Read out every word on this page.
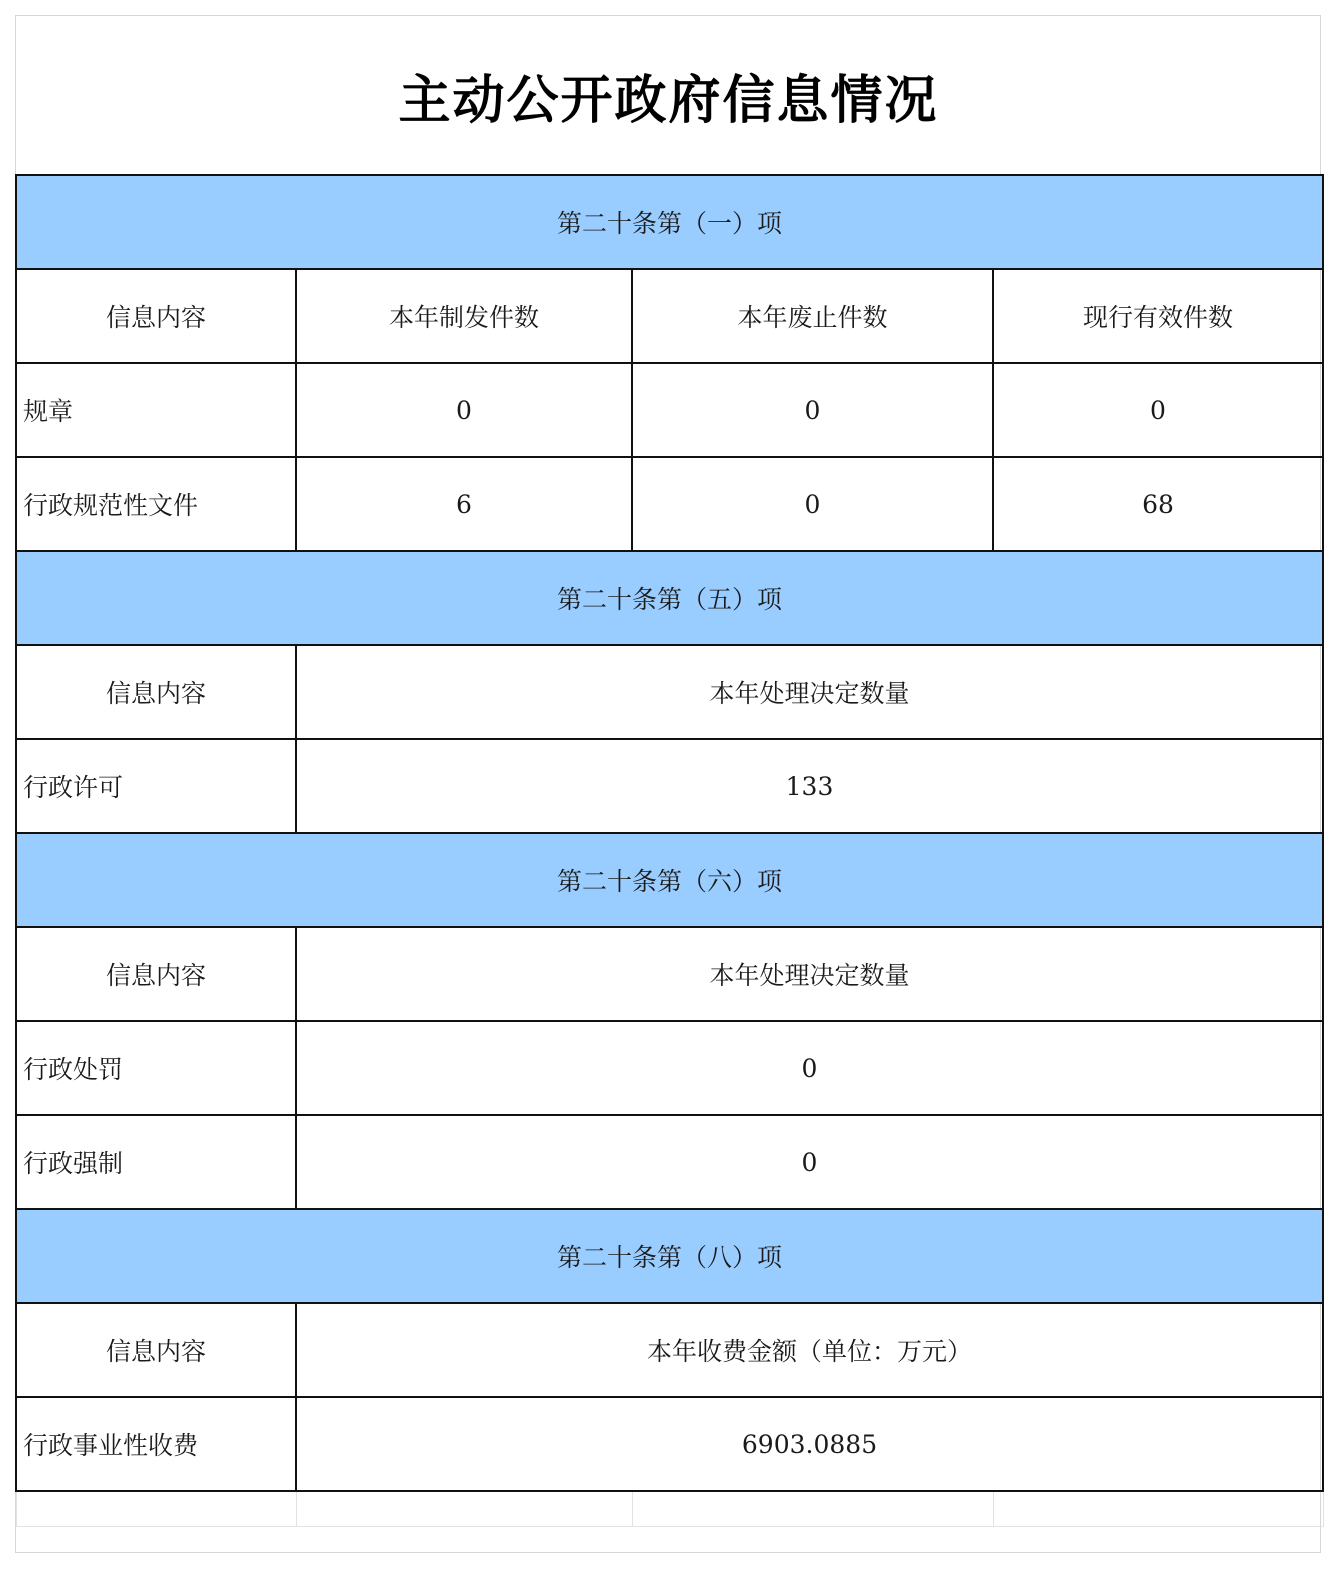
主动公开政府信息情况
第二十条第（一）项			
信息内容	本年制发件数	本年废止件数	现行有效件数
规章	0	0	0
行政规范性文件	6	0	68
第二十条第（五）项			
信息内容	本年处理决定数量		
行政许可	133		
第二十条第（六）项			
信息内容	本年处理决定数量		
行政处罚	0		
行政强制	0		
第二十条第（八）项			
信息内容	本年收费金额（单位：万元）		
行政事业性收费	6903.0885		
